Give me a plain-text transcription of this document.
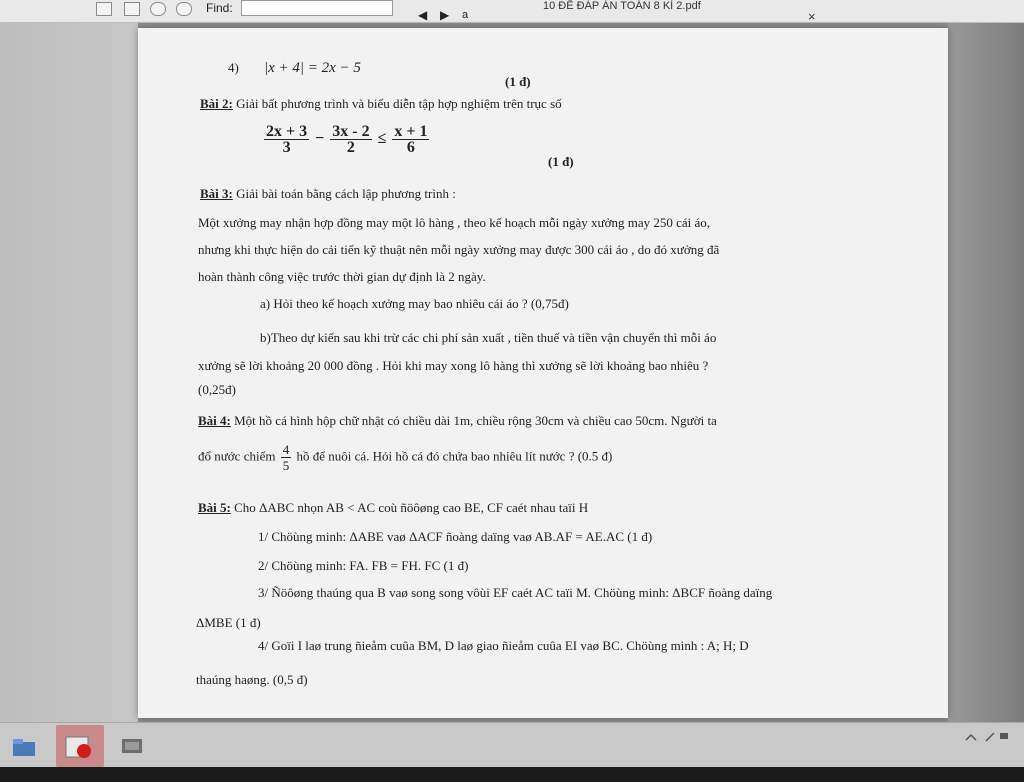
Find:	◀ ▶ a
10 ĐỀ ĐÁP ÁN TOÁN 8 KÌ 2.pdf
×
4) |x + 4| = 2x − 5
(1 đ)
Bài 2: Giải bất phương trình và biểu diễn tập hợp nghiệm trên trục số
$\frac{2x + 3}{3} - \frac{3x - 2}{2} \le \frac{x + 1}{6}$
(1 đ)
Bài 3: Giải bài toán bằng cách lập phương trình :
Một xưởng may nhận hợp đồng may một lô hàng , theo kế hoạch mỗi ngày xưởng may 250 cái áo,
nhưng khi thực hiện do cải tiến kỹ thuật nên mỗi ngày xưởng may được 300 cái áo , do đó xưởng đã
hoàn thành công việc trước thời gian dự định là 2 ngày.
a) Hỏi theo kế hoạch xưởng may bao nhiêu cái áo ? (0,75đ)
b)Theo dự kiến sau khi trừ các chi phí sản xuất , tiền thuế và tiền vận chuyển thì mỗi áo
xưởng sẽ lời khoảng 20 000 đồng . Hỏi khi may xong lô hàng thì xưởng sẽ lời khoảng bao nhiêu ?
(0,25đ)
Bài 4: Một hồ cá hình hộp chữ nhật có chiều dài 1m, chiều rộng 30cm và chiều cao 50cm. Người ta
đổ nước chiếm $\frac{4}{5}$ hồ để nuôi cá. Hỏi hồ cá đó chứa bao nhiêu lít nước ? (0.5 đ)
Bài 5: Cho ΔABC nhọn AB < AC coù ñöôøng cao BE, CF caét nhau taïi H
1/ Chöùng minh: ΔABE vaø ΔACF ñoàng daïng vaø AB.AF = AE.AC (1 đ)
2/ Chöùng minh: FA. FB = FH. FC (1 đ)
3/ Ñöôøng thaúng qua B vaø song song vôùi EF caét AC taïi M. Chöùng minh: ΔBCF ñoàng daïng
ΔMBE (1 đ)
4/ Goïi I laø trung ñieåm cuûa BM, D laø giao ñieåm cuûa EI vaø BC. Chöùng minh : A; H; D
thaúng haøng. (0,5 đ)
